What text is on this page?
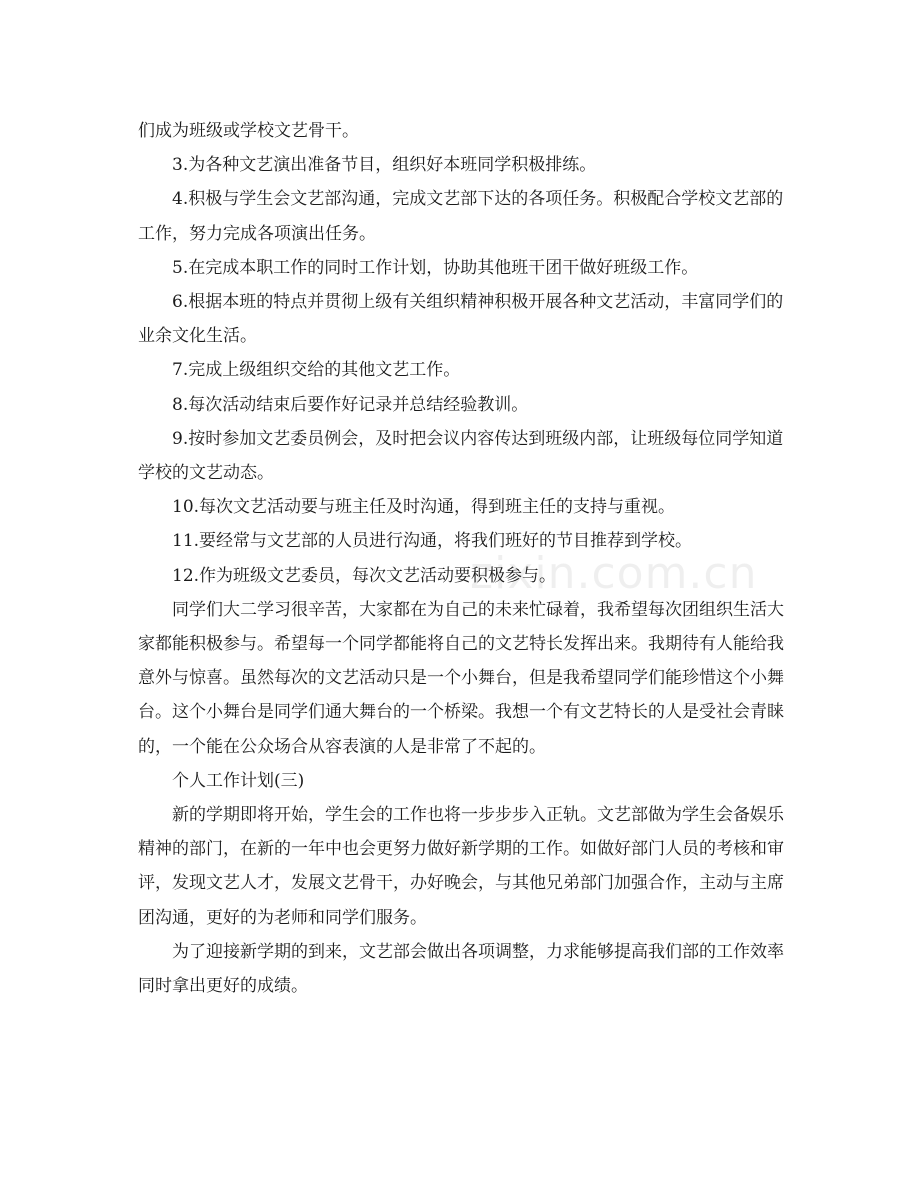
们成为班级或学校文艺骨干。

3.为各种文艺演出准备节目，组织好本班同学积极排练。

4.积极与学生会文艺部沟通，完成文艺部下达的各项任务。积极配合学校文艺部的工作，努力完成各项演出任务。

5.在完成本职工作的同时工作计划，协助其他班干团干做好班级工作。

6.根据本班的特点并贯彻上级有关组织精神积极开展各种文艺活动，丰富同学们的业余文化生活。

7.完成上级组织交给的其他文艺工作。

8.每次活动结束后要作好记录并总结经验教训。

9.按时参加文艺委员例会，及时把会议内容传达到班级内部，让班级每位同学知道学校的文艺动态。

10.每次文艺活动要与班主任及时沟通，得到班主任的支持与重视。

11.要经常与文艺部的人员进行沟通，将我们班好的节目推荐到学校。

12.作为班级文艺委员，每次文艺活动要积极参与。

同学们大二学习很辛苦，大家都在为自己的未来忙碌着，我希望每次团组织生活大家都能积极参与。希望每一个同学都能将自己的文艺特长发挥出来。我期待有人能给我意外与惊喜。虽然每次的文艺活动只是一个小舞台，但是我希望同学们能珍惜这个小舞台。这个小舞台是同学们通大舞台的一个桥梁。我想一个有文艺特长的人是受社会青睐的，一个能在公众场合从容表演的人是非常了不起的。

个人工作计划(三)

新的学期即将开始，学生会的工作也将一步步步入正轨。文艺部做为学生会备娱乐精神的部门，在新的一年中也会更努力做好新学期的工作。如做好部门人员的考核和审评，发现文艺人才，发展文艺骨干，办好晚会，与其他兄弟部门加强合作，主动与主席团沟通，更好的为老师和同学们服务。

为了迎接新学期的到来，文艺部会做出各项调整，力求能够提高我们部的工作效率同时拿出更好的成绩。

zixin.com.cn
